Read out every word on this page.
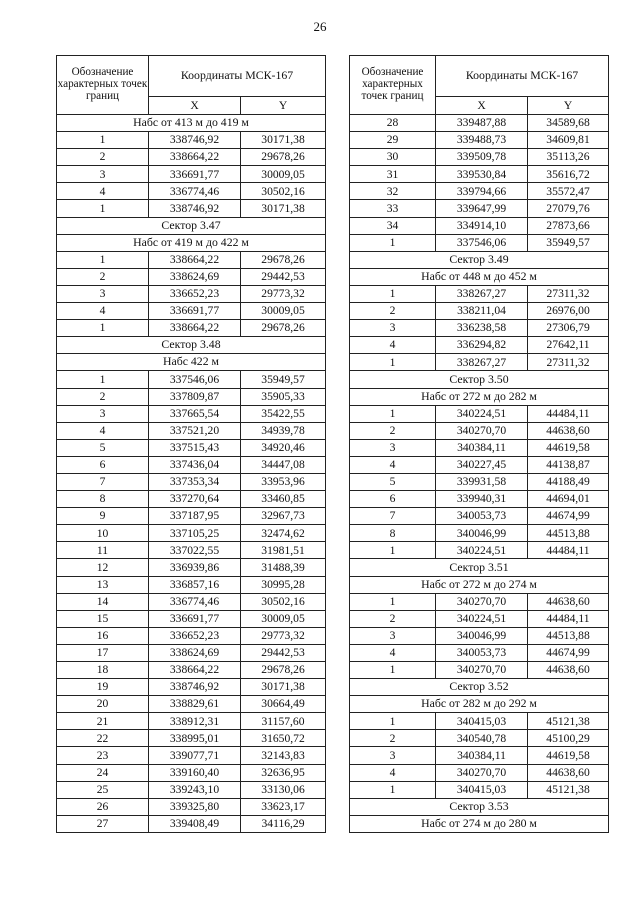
26
Обозначение характерных точек границ	Координаты МСК-167	
	X	Y
Набс от 413 м до 419 м		
1	338746,92	30171,38
2	338664,22	29678,26
3	336691,77	30009,05
4	336774,46	30502,16
1	338746,92	30171,38
Сектор 3.47		
Набс от 419 м до 422 м		
1	338664,22	29678,26
2	338624,69	29442,53
3	336652,23	29773,32
4	336691,77	30009,05
1	338664,22	29678,26
Сектор 3.48		
Набс 422 м		
1	337546,06	35949,57
2	337809,87	35905,33
3	337665,54	35422,55
4	337521,20	34939,78
5	337515,43	34920,46
6	337436,04	34447,08
7	337353,34	33953,96
8	337270,64	33460,85
9	337187,95	32967,73
10	337105,25	32474,62
11	337022,55	31981,51
12	336939,86	31488,39
13	336857,16	30995,28
14	336774,46	30502,16
15	336691,77	30009,05
16	336652,23	29773,32
17	338624,69	29442,53
18	338664,22	29678,26
19	338746,92	30171,38
20	338829,61	30664,49
21	338912,31	31157,60
22	338995,01	31650,72
23	339077,71	32143,83
24	339160,40	32636,95
25	339243,10	33130,06
26	339325,80	33623,17
27	339408,49	34116,29
Обозначение характерных точек границ	Координаты МСК-167	
	X	Y
28	339487,88	34589,68
29	339488,73	34609,81
30	339509,78	35113,26
31	339530,84	35616,72
32	339794,66	35572,47
33	339647,99	27079,76
34	334914,10	27873,66
1	337546,06	35949,57
Сектор 3.49		
Набс от 448 м до 452 м		
1	338267,27	27311,32
2	338211,04	26976,00
3	336238,58	27306,79
4	336294,82	27642,11
1	338267,27	27311,32
Сектор 3.50		
Набс от 272 м до 282 м		
1	340224,51	44484,11
2	340270,70	44638,60
3	340384,11	44619,58
4	340227,45	44138,87
5	339931,58	44188,49
6	339940,31	44694,01
7	340053,73	44674,99
8	340046,99	44513,88
1	340224,51	44484,11
Сектор 3.51		
Набс от 272 м до 274 м		
1	340270,70	44638,60
2	340224,51	44484,11
3	340046,99	44513,88
4	340053,73	44674,99
1	340270,70	44638,60
Сектор 3.52		
Набс от 282 м до 292 м		
1	340415,03	45121,38
2	340540,78	45100,29
3	340384,11	44619,58
4	340270,70	44638,60
1	340415,03	45121,38
Сектор 3.53		
Набс от 274 м до 280 м		
